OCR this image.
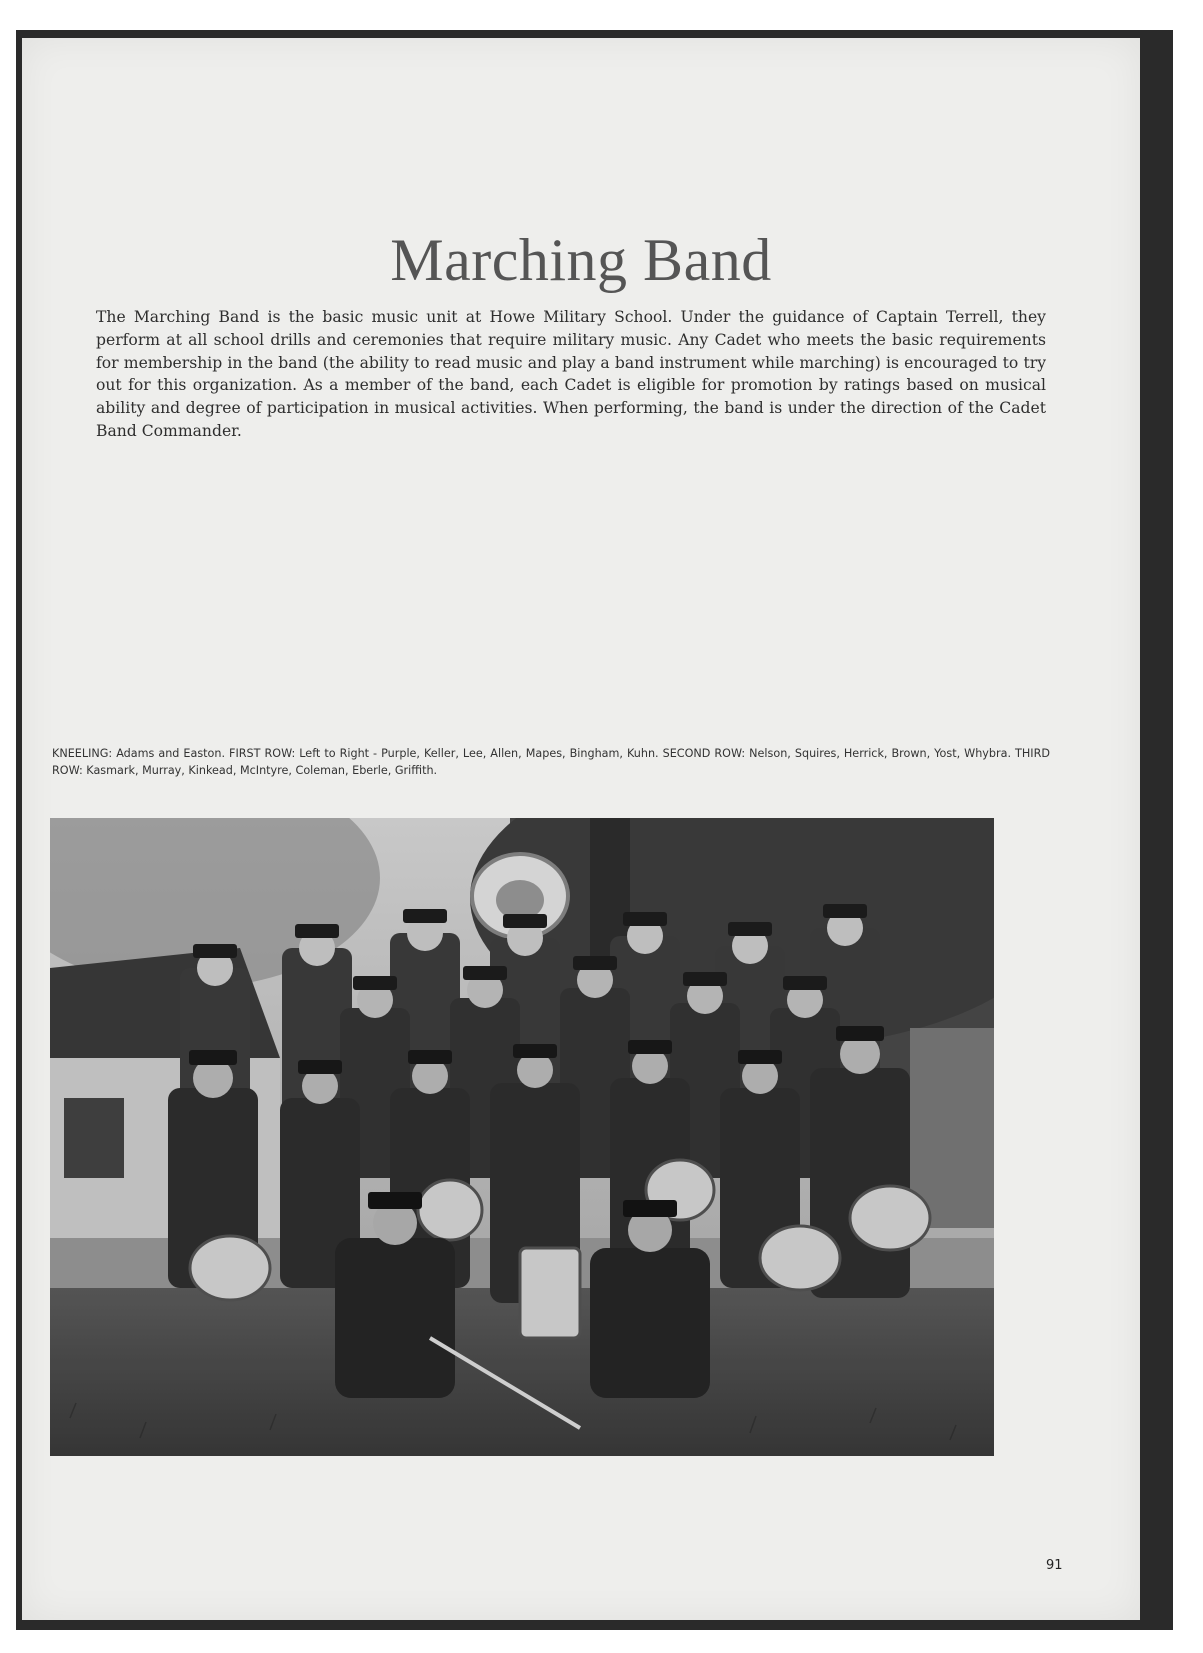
Marching Band

The Marching Band is the basic music unit at Howe Military School. Under the guidance of Captain Terrell, they perform at all school drills and ceremonies that require military music. Any Cadet who meets the basic requirements for membership in the band (the ability to read music and play a band instrument while marching) is encouraged to try out for this organization. As a member of the band, each Cadet is eligible for promotion by ratings based on musical ability and degree of participation in musical activities. When performing, the band is under the direction of the Cadet Band Commander.

KNEELING: Adams and Easton. FIRST ROW: Left to Right - Purple, Keller, Lee, Allen, Mapes, Bingham, Kuhn. SECOND ROW: Nelson, Squires, Herrick, Brown, Yost, Whybra. THIRD ROW: Kasmark, Murray, Kinkead, McIntyre, Coleman, Eberle, Griffith.

91
